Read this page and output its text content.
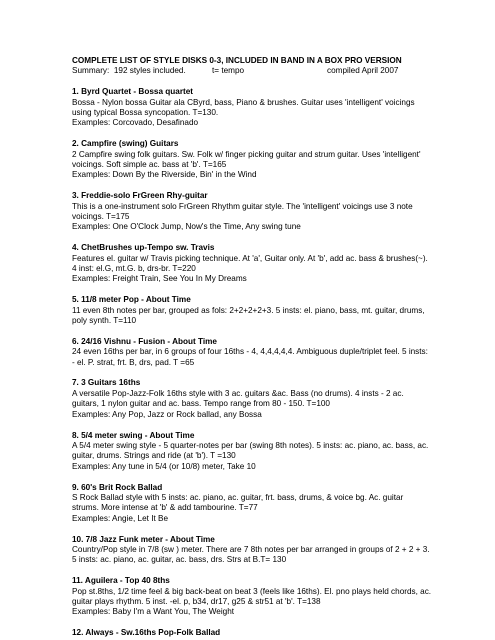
COMPLETE LIST OF STYLE DISKS 0-3, INCLUDED IN BAND IN A BOX PRO VERSION
Summary:  192 styles included.	t= tempo	compiled April 2007
1. Byrd Quartet - Bossa quartet
Bossa - Nylon bossa Guitar ala CByrd, bass, Piano & brushes. Guitar uses 'intelligent' voicings using typical Bossa syncopation. T=130.
Examples: Corcovado, Desafinado
2. Campfire (swing) Guitars
2 Campfire swing folk guitars. Sw. Folk w/ finger picking guitar and strum guitar. Uses 'intelligent' voicings. Soft simple ac. bass at 'b'. T=165
Examples: Down By the Riverside, Bin' in the Wind
3. Freddie-solo FrGreen Rhy-guitar
This is a one-instrument solo FrGreen Rhythm guitar style. The 'intelligent' voicings use 3 note voicings. T=175
Examples: One O'Clock Jump, Now's the Time, Any swing tune
4. ChetBrushes up-Tempo sw. Travis
Features el. guitar w/ Travis picking technique. At 'a', Guitar only. At 'b', add ac. bass & brushes(~). 4 inst: el.G, mt.G. b, drs-br. T=220
Examples: Freight Train, See You In My Dreams
5. 11/8 meter Pop - About Time
11 even 8th notes per bar, grouped as fols: 2+2+2+2+3. 5 insts: el. piano, bass, mt. guitar, drums, poly synth. T=110
6. 24/16 Vishnu - Fusion - About Time
24 even 16ths per bar, in 6 groups of four 16ths - 4, 4,4,4,4,4. Ambiguous duple/triplet feel. 5 insts: - el. P. strat, frt. B, drs, pad. T =65
7. 3 Guitars 16ths
A versatile Pop-Jazz-Folk 16ths style with 3 ac. guitars &ac. Bass (no drums). 4 insts - 2 ac. guitars, 1 nylon guitar and ac. bass. Tempo range from 80 - 150. T=100
Examples: Any Pop, Jazz or Rock ballad, any Bossa
8. 5/4 meter swing - About Time
A 5/4 meter swing style - 5 quarter-notes per bar (swing 8th notes). 5 insts: ac. piano, ac. bass, ac. guitar, drums. Strings and ride (at 'b'). T =130
Examples: Any tune in 5/4 (or 10/8) meter, Take 10
9. 60's Brit Rock Ballad
S Rock Ballad style with 5 insts: ac. piano, ac. guitar, frt. bass, drums, & voice bg. Ac. guitar strums. More intense at 'b' & add tambourine. T=77
Examples: Angie, Let It Be
10. 7/8 Jazz Funk meter - About Time
Country/Pop style in 7/8 (sw ) meter. There are 7 8th notes per bar arranged in groups of 2 + 2 + 3. 5 insts: ac. piano, ac. guitar, ac. bass, drs. Strs at B.T= 130
11. Aguilera - Top 40 8ths
Pop st.8ths, 1/2 time feel & big back-beat on beat 3 (feels like 16ths). El. pno plays held chords, ac. guitar plays rhythm. 5 inst. -el. p, b34, dr17, g25 & str51 at 'b'. T=138
Examples: Baby I'm a Want You, The Weight
12. Always - Sw.16ths Pop-Folk Ballad
